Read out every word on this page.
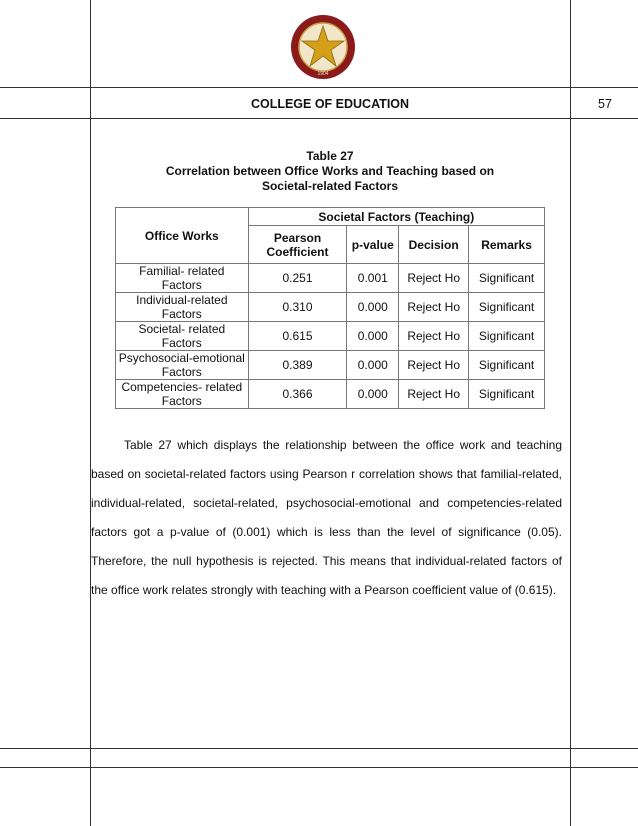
1904
COLLEGE OF EDUCATION	57
Table 27
Correlation between Office Works and Teaching based on
Societal-related Factors
Office Works	Societal Factors (Teaching)			
	Pearson Coefficient	p-value	Decision	Remarks
Familial- related Factors	0.251	0.001	Reject Ho	Significant
Individual-related Factors	0.310	0.000	Reject Ho	Significant
Societal- related Factors	0.615	0.000	Reject Ho	Significant
Psychosocial-emotional Factors	0.389	0.000	Reject Ho	Significant
Competencies- related Factors	0.366	0.000	Reject Ho	Significant

Table 27 which displays the relationship between the office work and teaching based on societal-related factors using Pearson r correlation shows that familial-related, individual-related, societal-related, psychosocial-emotional and competencies-related factors got a p-value of (0.001) which is less than the level of significance (0.05). Therefore, the null hypothesis is rejected. This means that individual-related factors of the office work relates strongly with teaching with a Pearson coefficient value of (0.615).
